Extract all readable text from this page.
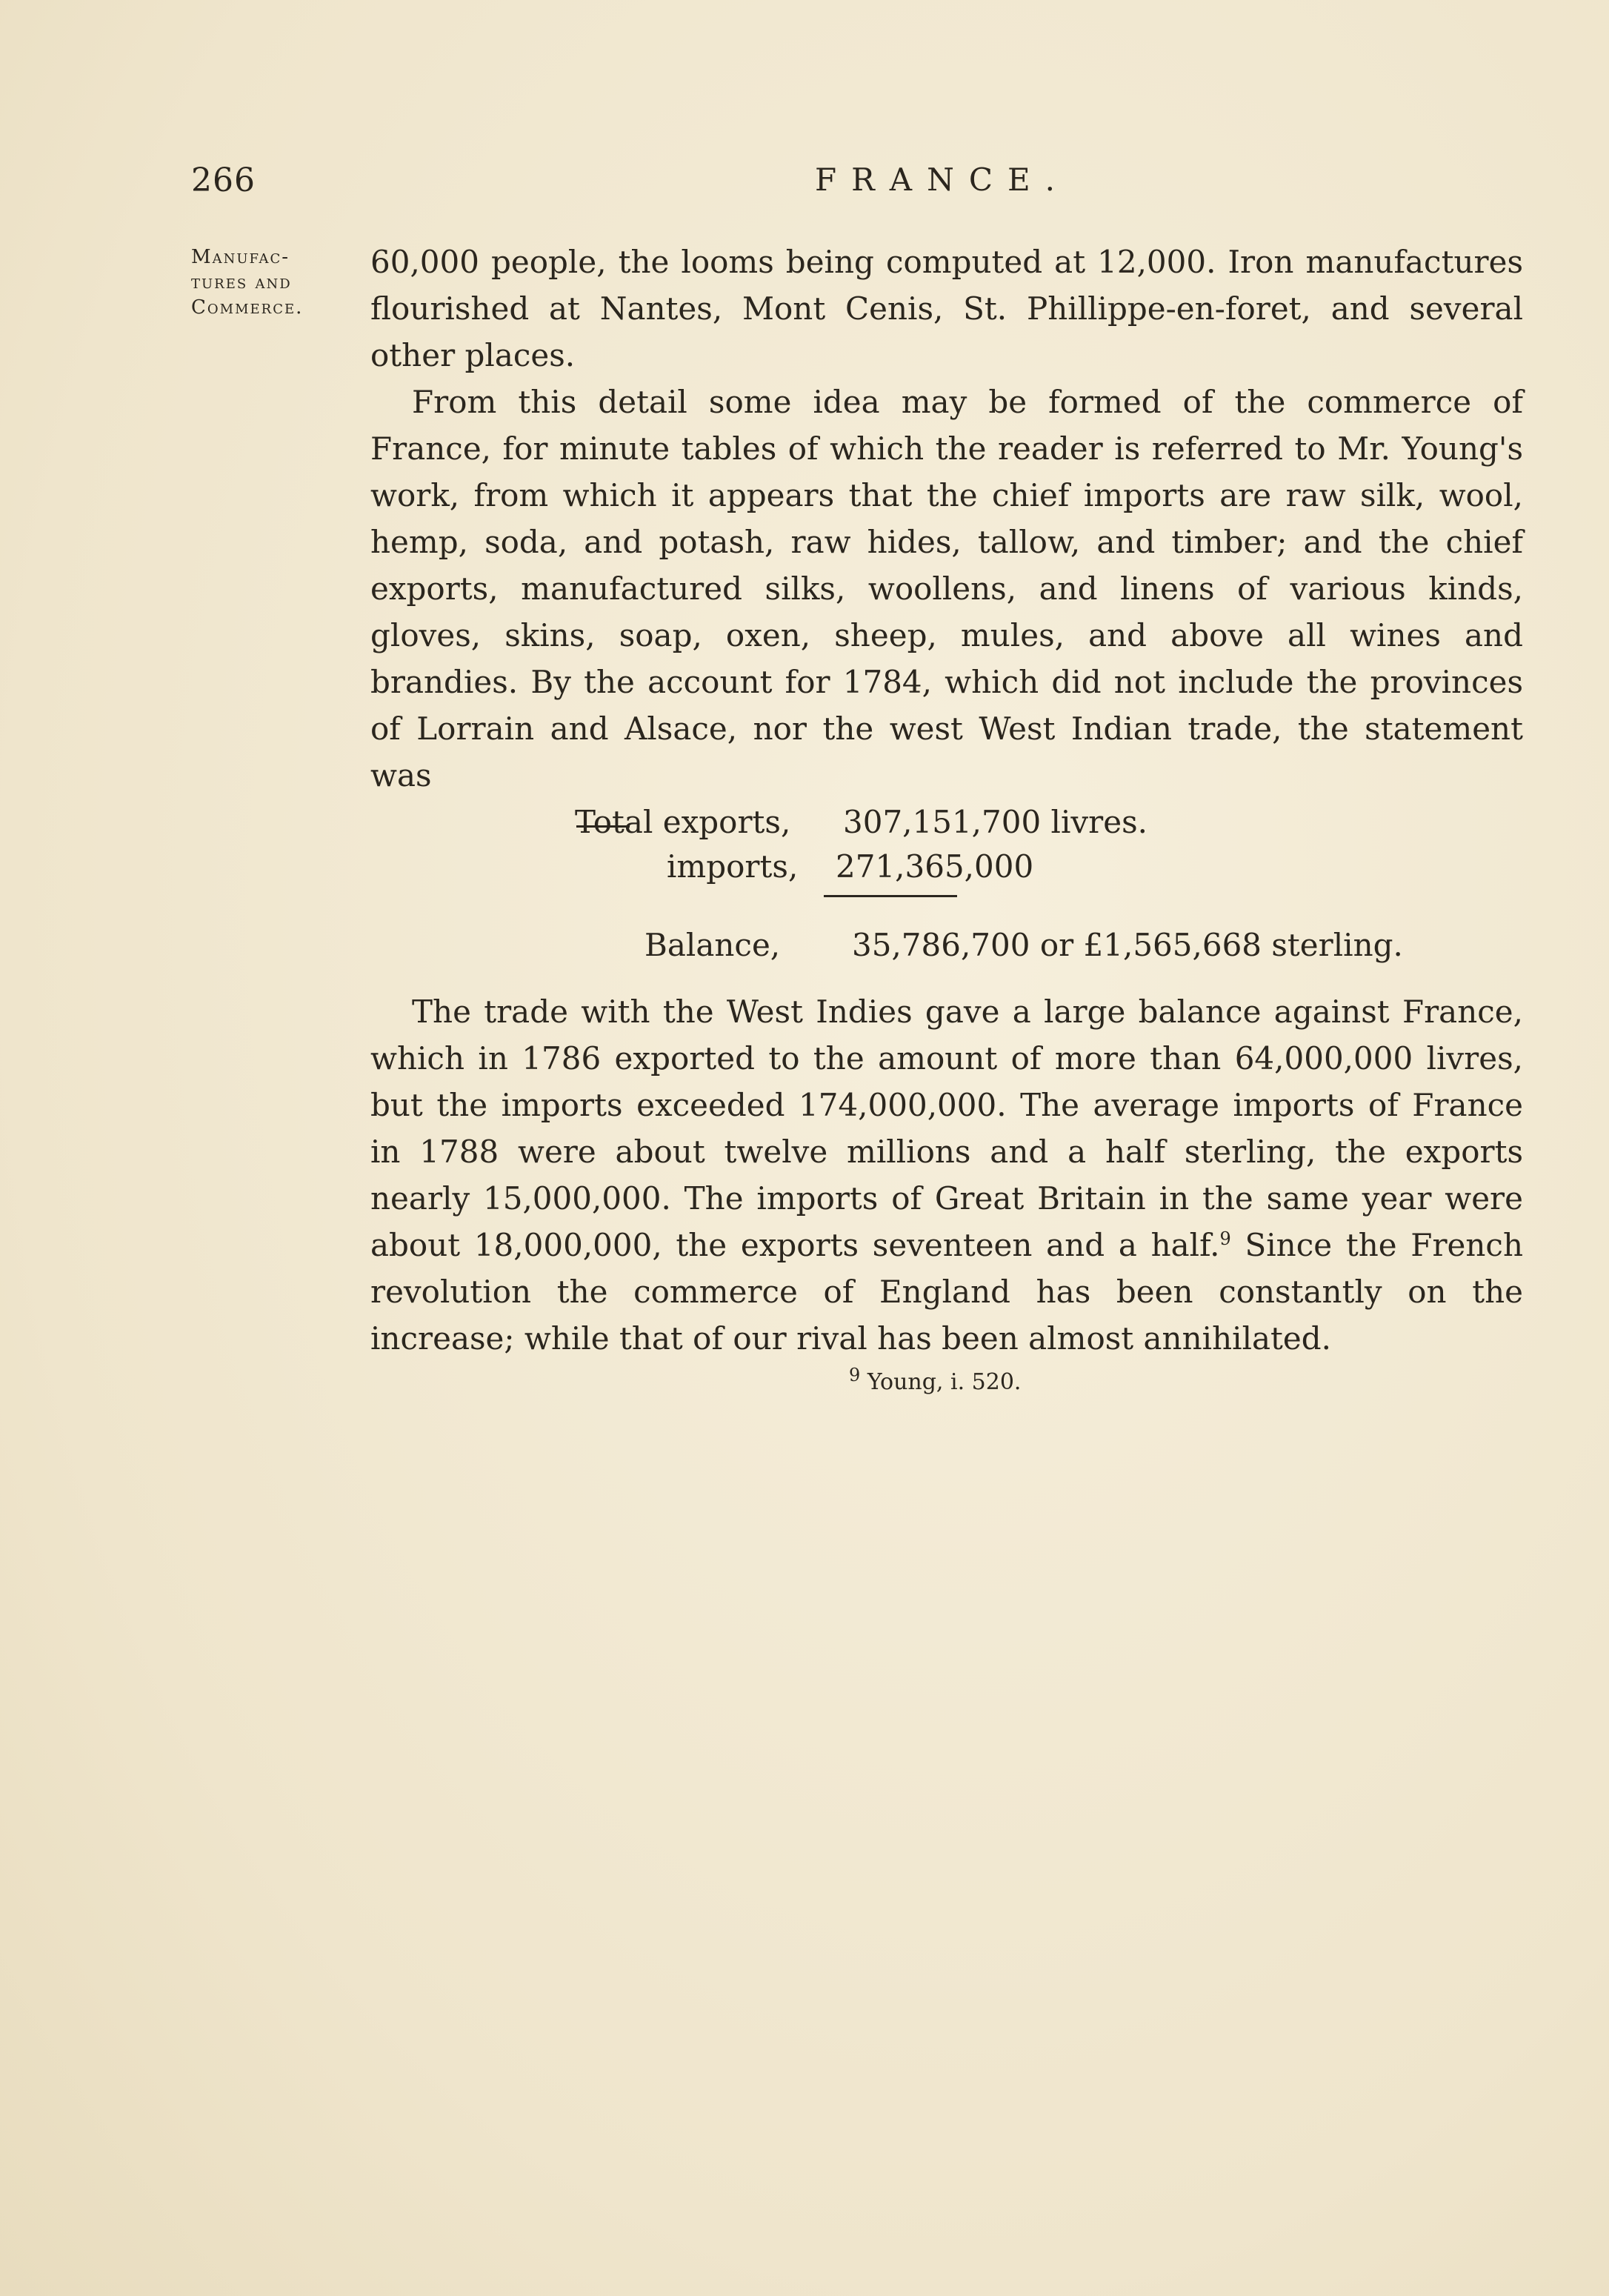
266	FRANCE.
Manufac-
tures and
Commerce.

60,000 people, the looms being computed at 12,000. Iron manufactures flourished at Nantes, Mont Cenis, St. Phillippe-en-foret, and several other places.

From this detail some idea may be formed of the commerce of France, for minute tables of which the reader is referred to Mr. Young's work, from which it appears that the chief imports are raw silk, wool, hemp, soda, and potash, raw hides, tallow, and timber; and the chief exports, manufactured silks, woollens, and linens of various kinds, gloves, skins, soap, oxen, sheep, mules, and above all wines and brandies. By the account for 1784, which did not include the provinces of Lorrain and Alsace, nor the west West Indian trade, the statement was

Total exports, 307,151,700 livres.
imports, 271,365,000
Balance, 35,786,700 or £1,565,668 sterling.

The trade with the West Indies gave a large balance against France, which in 1786 exported to the amount of more than 64,000,000 livres, but the imports exceeded 174,000,000. The average imports of France in 1788 were about twelve millions and a half sterling, the exports nearly 15,000,000. The imports of Great Britain in the same year were about 18,000,000, the exports seventeen and a half.$^9$ Since the French revolution the commerce of England has been constantly on the increase; while that of our rival has been almost annihilated.

$^9$ Young, i. 520.
